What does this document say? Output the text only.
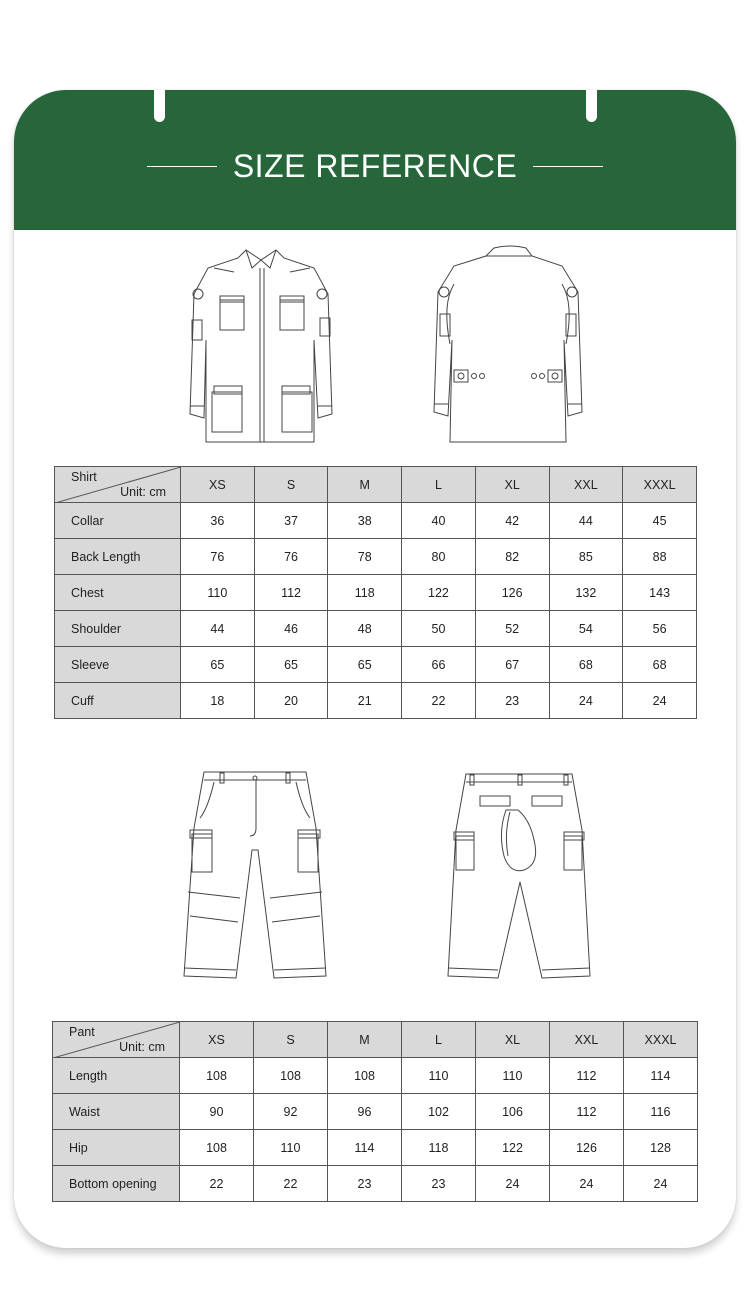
SIZE REFERENCE
Shirt
Unit: cm	XS	S	M	L	XL	XXL	XXXL
Collar	36	37	38	40	42	44	45
Back Length	76	76	78	80	82	85	88
Chest	110	112	118	122	126	132	143
Shoulder	44	46	48	50	52	54	56
Sleeve	65	65	65	66	67	68	68
Cuff	18	20	21	22	23	24	24
Pant
Unit: cm	XS	S	M	L	XL	XXL	XXXL
Length	108	108	108	110	110	112	114
Waist	90	92	96	102	106	112	116
Hip	108	110	114	118	122	126	128
Bottom opening	22	22	23	23	24	24	24
